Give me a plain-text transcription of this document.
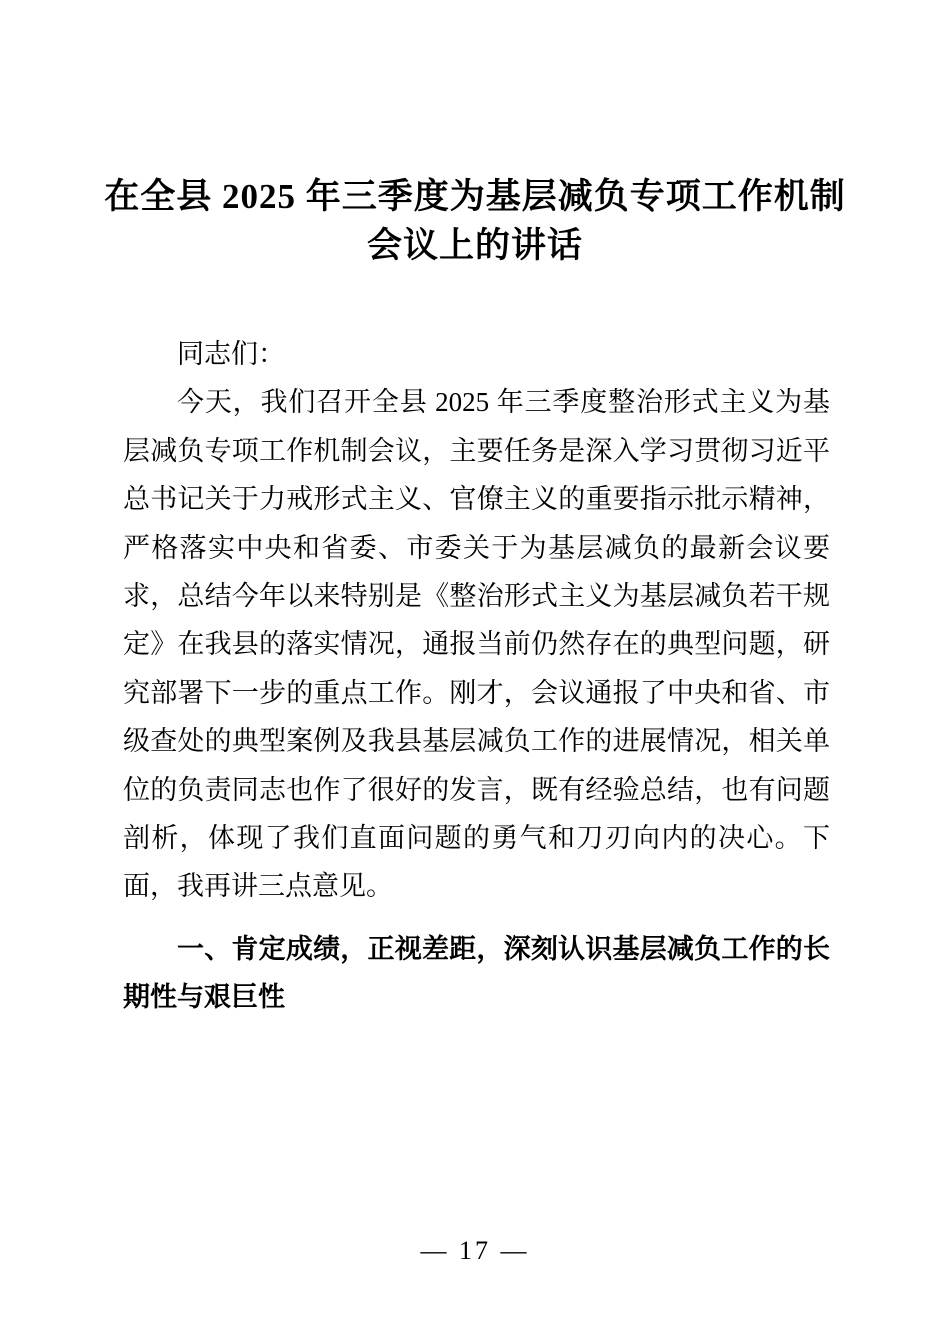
在全县 2025 年三季度为基层减负专项工作机制会议上的讲话

同志们：

今天，我们召开全县 2025 年三季度整治形式主义为基层减负专项工作机制会议，主要任务是深入学习贯彻习近平总书记关于力戒形式主义、官僚主义的重要指示批示精神，严格落实中央和省委、市委关于为基层减负的最新会议要求，总结今年以来特别是《整治形式主义为基层减负若干规定》在我县的落实情况，通报当前仍然存在的典型问题，研究部署下一步的重点工作。刚才，会议通报了中央和省、市级查处的典型案例及我县基层减负工作的进展情况，相关单位的负责同志也作了很好的发言，既有经验总结，也有问题剖析，体现了我们直面问题的勇气和刀刃向内的决心。下面，我再讲三点意见。

一、肯定成绩，正视差距，深刻认识基层减负工作的长期性与艰巨性
— 17 —
